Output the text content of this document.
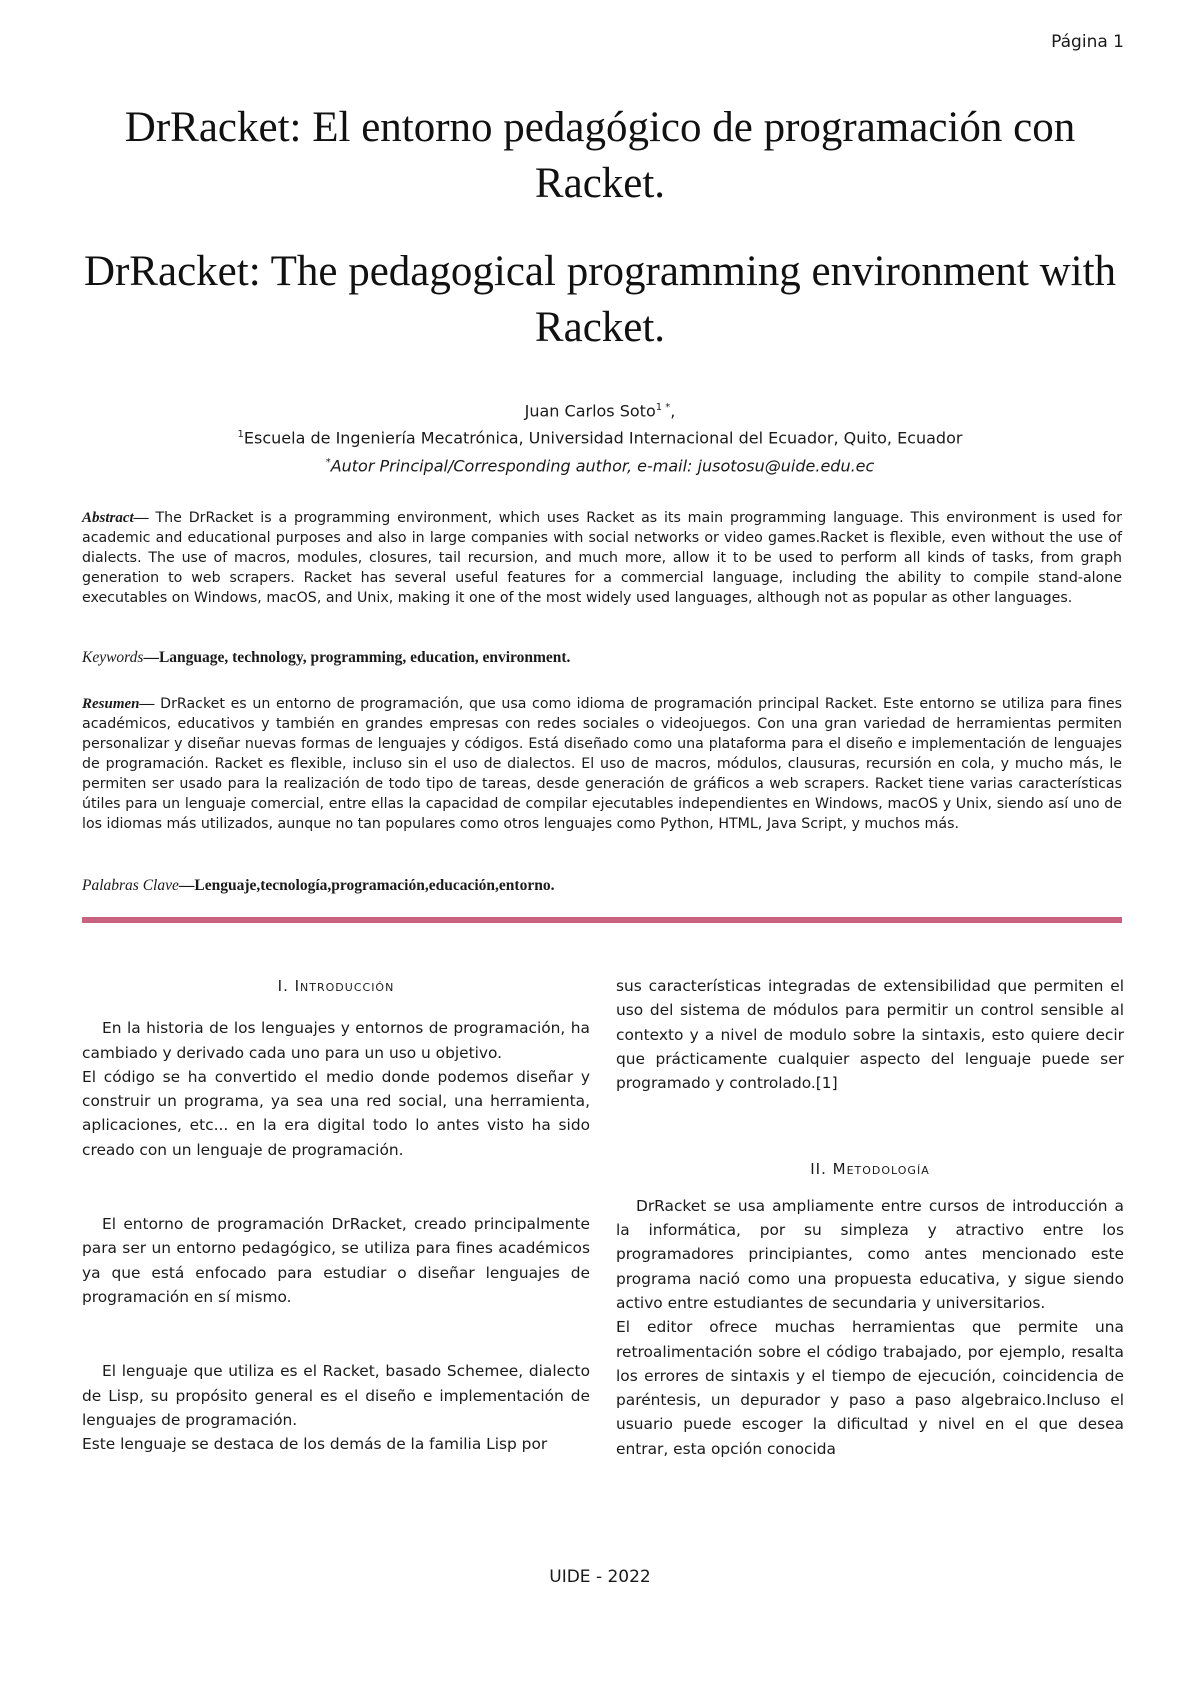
Página 1
DrRacket: El entorno pedagógico de programación con Racket.
DrRacket: The pedagogical programming environment with Racket.
Juan Carlos Soto$^{1 *}$,
$^1$Escuela de Ingeniería Mecatrónica, Universidad Internacional del Ecuador, Quito, Ecuador
*Autor Principal/Corresponding author, e-mail: jusotosu@uide.edu.ec
Abstract— The DrRacket is a programming environment, which uses Racket as its main programming language. This environment is used for academic and educational purposes and also in large companies with social networks or video games.Racket is flexible, even without the use of dialects. The use of macros, modules, closures, tail recursion, and much more, allow it to be used to perform all kinds of tasks, from graph generation to web scrapers. Racket has several useful features for a commercial language, including the ability to compile stand-alone executables on Windows, macOS, and Unix, making it one of the most widely used languages, although not as popular as other languages.
Keywords—Language, technology, programming, education, environment.
Resumen— DrRacket es un entorno de programación, que usa como idioma de programación principal Racket. Este entorno se utiliza para fines académicos, educativos y también en grandes empresas con redes sociales o videojuegos. Con una gran variedad de herramientas permiten personalizar y diseñar nuevas formas de lenguajes y códigos. Está diseñado como una plataforma para el diseño e implementación de lenguajes de programación. Racket es flexible, incluso sin el uso de dialectos. El uso de macros, módulos, clausuras, recursión en cola, y mucho más, le permiten ser usado para la realización de todo tipo de tareas, desde generación de gráficos a web scrapers. Racket tiene varias características útiles para un lenguaje comercial, entre ellas la capacidad de compilar ejecutables independientes en Windows, macOS y Unix, siendo así uno de los idiomas más utilizados, aunque no tan populares como otros lenguajes como Python, HTML, Java Script, y muchos más.
Palabras Clave—Lenguaje,tecnología,programación,educación,entorno.
I. Introducción

En la historia de los lenguajes y entornos de programación, ha cambiado y derivado cada uno para un uso u objetivo.

El código se ha convertido el medio donde podemos diseñar y construir un programa, ya sea una red social, una herramienta, aplicaciones, etc... en la era digital todo lo antes visto ha sido creado con un lenguaje de programación.

El entorno de programación DrRacket, creado principalmente para ser un entorno pedagógico, se utiliza para fines académicos ya que está enfocado para estudiar o diseñar lenguajes de programación en sí mismo.

El lenguaje que utiliza es el Racket, basado Schemee, dialecto de Lisp, su propósito general es el diseño e implementación de lenguajes de programación.

Este lenguaje se destaca de los demás de la familia Lisp por

sus características integradas de extensibilidad que permiten el uso del sistema de módulos para permitir un control sensible al contexto y a nivel de modulo sobre la sintaxis, esto quiere decir que prácticamente cualquier aspecto del lenguaje puede ser programado y controlado.[1]

II. Metodología

DrRacket se usa ampliamente entre cursos de introducción a la informática, por su simpleza y atractivo entre los programadores principiantes, como antes mencionado este programa nació como una propuesta educativa, y sigue siendo activo entre estudiantes de secundaria y universitarios.

El editor ofrece muchas herramientas que permite una retroalimentación sobre el código trabajado, por ejemplo, resalta los errores de sintaxis y el tiempo de ejecución, coincidencia de paréntesis, un depurador y paso a paso algebraico.Incluso el usuario puede escoger la dificultad y nivel en el que desea entrar, esta opción conocida

UIDE - 2022
